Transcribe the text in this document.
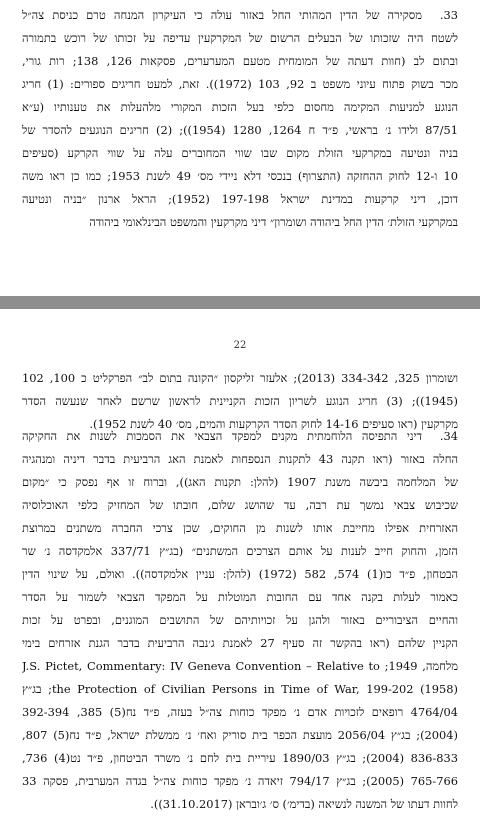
33.מסקירה של הדין המהותי החל באזור עולה כי העיקרון המנחה טרם כניסת צה״ל
לשטח היה שזכותו של הבעלים הרשום של המקרקעין עדיפה על זכותו של רוכש בתמורה
ובתום לב (חוות דעתה של המומחית מטעם המערערים, פסקאות 126, 138; רות גורי,
מכר בשוק פתוח עיוני משפט ב 92, 103 (1972)). זאת, למעט חריגים ספורים: (1) חריג
הנוגע למניעות המקימה מחסום כלפי בעל הזכות המקורי מלהעלות את טענותיו (ע״א
87/51 ולידו נ׳ בראשי, פ״ד ח 1264, 1280 (1954)); (2) חריגים הנוגעים להסדר של
בניה ונטיעה במקרקעי הזולת מקום שבו שווי המחוברים עלה על שווי הקרקע (סעיפים
10 ו-12 לחוק ההחזקה (התצרוף) בנכסי דלא ניידי מס׳ 49 לשנת 1953; כמו כן ראו משה
דוכן, דיני קרקעות במדינת ישראל 197-198 (1952); הראל ארנון ״בניה ונטיעה
במקרקעי הזולת׳ הדין החל ביהודה ושומרון״ דיני מקרקעין והמשפט הבינלאומי ביהודה
22
ושומרון 325, 334-342 (2013); אלעזר זליקסון ״הקונה בתום לב״ הפרקליט כ 100, 102
(1945)); (3) חריג הנוגע לשריון הזכות הקניינית לראשון שרשם לאחר שנעשה הסדר
מקרקעין (ראו סעיפים 14-16 לחוק הסדר הקרקעות והמים, מס׳ 40 לשנת 1952).
34.דיני התפיסה הלוחמתית מקנים למפקד הצבאי את הסמכות לשנות את החקיקה
החלה באזור (ראו תקנה 43 לתקנות הנספחות לאמנת האג הרביעית בדבר דיניה ומנהגיה
של המלחמה ביבשה משנת 1907 (להלן: תקנות האג)), וברוח זו אף נפסק כי ״מקום
שכיבוש צבאי נמשך עת רבה, עד שהושג שלום, חובתו של המחזיק כלפי האוכלוסיה
האזרחית אפילו מחייבת אותו לשנות מן החוקים, שכן צרכי החברה משתנים במרוצת
הזמן, והחוק חייב לענות על אותם הצרכים המשתנים״ (בג״ץ 337/71 אלמקדסה נ׳ שר
הבטחון, פ״ד כו(1) 574, 582 (1972) (להלן: עניין אלמקדסה)). ואולם, על שינוי הדין
כאמור לעלות בקנה אחד עם החובות המוטלות על המפקד הצבאי לשמור על הסדר
והחיים הציבוריים באזור ולהגן על זכויותיהם של התושבים המוגנים, ובפרט על זכות
הקניין שלהם (ראו בהקשר זה סעיף 27 לאמנת ג׳נבה הרביעית בדבר הגנת אזרחים בימי
מלחמה, 1949; J.S. Pictet, Commentary: IV Geneva Convention – Relative to
the Protection of Civilian Persons in Time of War, 199-202 (1958); בג״ץ
4764/04 רופאים לזכויות אדם נ׳ מפקד כוחות צה״ל בעזה, פ״ד נח(5) 385, 392-394
(2004); בג״ץ 2056/04 מועצת הכפר בית סוריק ואח׳ נ׳ ממשלת ישראל, פ״ד נח(5) 807,
836-833 (2004); בג״ץ 1890/03 עיריית בית לחם נ׳ משרד הביטחון, פ״ד נט(4) 736,
765-766 (2005); בג״ץ 794/17 זיאדה נ׳ מפקד כוחות צה״ל בגדה המערבית, פסקה 33
לחוות דעתו של המשנה לנשיאה (בדימ׳) ס׳ ג׳ובראן (31.10.2017)).
